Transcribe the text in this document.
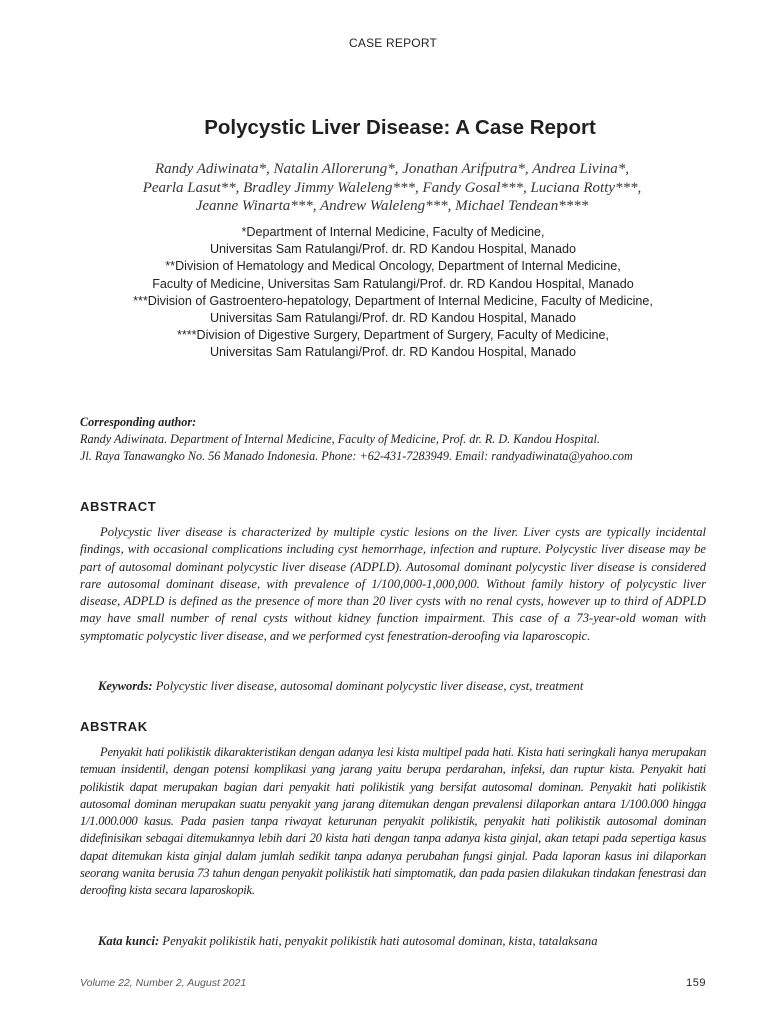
CASE REPORT
Polycystic Liver Disease: A Case Report
Randy Adiwinata*, Natalin Allorerung*, Jonathan Arifputra*, Andrea Livina*,
Pearla Lasut**, Bradley Jimmy Waleleng***, Fandy Gosal***, Luciana Rotty***,
Jeanne Winarta***, Andrew Waleleng***, Michael Tendean****
*Department of Internal Medicine, Faculty of Medicine,
Universitas Sam Ratulangi/Prof. dr. RD Kandou Hospital, Manado
**Division of Hematology and Medical Oncology, Department of Internal Medicine,
Faculty of Medicine, Universitas Sam Ratulangi/Prof. dr. RD Kandou Hospital, Manado
***Division of Gastroentero-hepatology, Department of Internal Medicine, Faculty of Medicine,
Universitas Sam Ratulangi/Prof. dr. RD Kandou Hospital, Manado
****Division of Digestive Surgery, Department of Surgery, Faculty of Medicine,
Universitas Sam Ratulangi/Prof. dr. RD Kandou Hospital, Manado
Corresponding author:
Randy Adiwinata. Department of Internal Medicine, Faculty of Medicine, Prof. dr. R. D. Kandou Hospital.
Jl. Raya Tanawangko No. 56 Manado Indonesia. Phone: +62-431-7283949. Email: randyadiwinata@yahoo.com
ABSTRACT

Polycystic liver disease is characterized by multiple cystic lesions on the liver. Liver cysts are typically incidental findings, with occasional complications including cyst hemorrhage, infection and rupture. Polycystic liver disease may be part of autosomal dominant polycystic liver disease (ADPLD). Autosomal dominant polycystic liver disease is considered rare autosomal dominant disease, with prevalence of 1/100,000-1,000,000. Without family history of polycystic liver disease, ADPLD is defined as the presence of more than 20 liver cysts with no renal cysts, however up to third of ADPLD may have small number of renal cysts without kidney function impairment. This case of a 73-year-old woman with symptomatic polycystic liver disease, and we performed cyst fenestration-deroofing via laparoscopic.

Keywords: Polycystic liver disease, autosomal dominant polycystic liver disease, cyst, treatment
ABSTRAK

Penyakit hati polikistik dikarakteristikan dengan adanya lesi kista multipel pada hati. Kista hati seringkali hanya merupakan temuan insidentil, dengan potensi komplikasi yang jarang yaitu berupa perdarahan, infeksi, dan ruptur kista. Penyakit hati polikistik dapat merupakan bagian dari penyakit hati polikistik yang bersifat autosomal dominan. Penyakit hati polikistik autosomal dominan merupakan suatu penyakit yang jarang ditemukan dengan prevalensi dilaporkan antara 1/100.000 hingga 1/1.000.000 kasus. Pada pasien tanpa riwayat keturunan penyakit polikistik, penyakit hati polikistik autosomal dominan didefinisikan sebagai ditemukannya lebih dari 20 kista hati dengan tanpa adanya kista ginjal, akan tetapi pada sepertiga kasus dapat ditemukan kista ginjal dalam jumlah sedikit tanpa adanya perubahan fungsi ginjal. Pada laporan kasus ini dilaporkan seorang wanita berusia 73 tahun dengan penyakit polikistik hati simptomatik, dan pada pasien dilakukan tindakan fenestrasi dan deroofing kista secara laparoskopik.

Kata kunci: Penyakit polikistik hati, penyakit polikistik hati autosomal dominan, kista, tatalaksana
Volume 22, Number 2, August 2021	159
